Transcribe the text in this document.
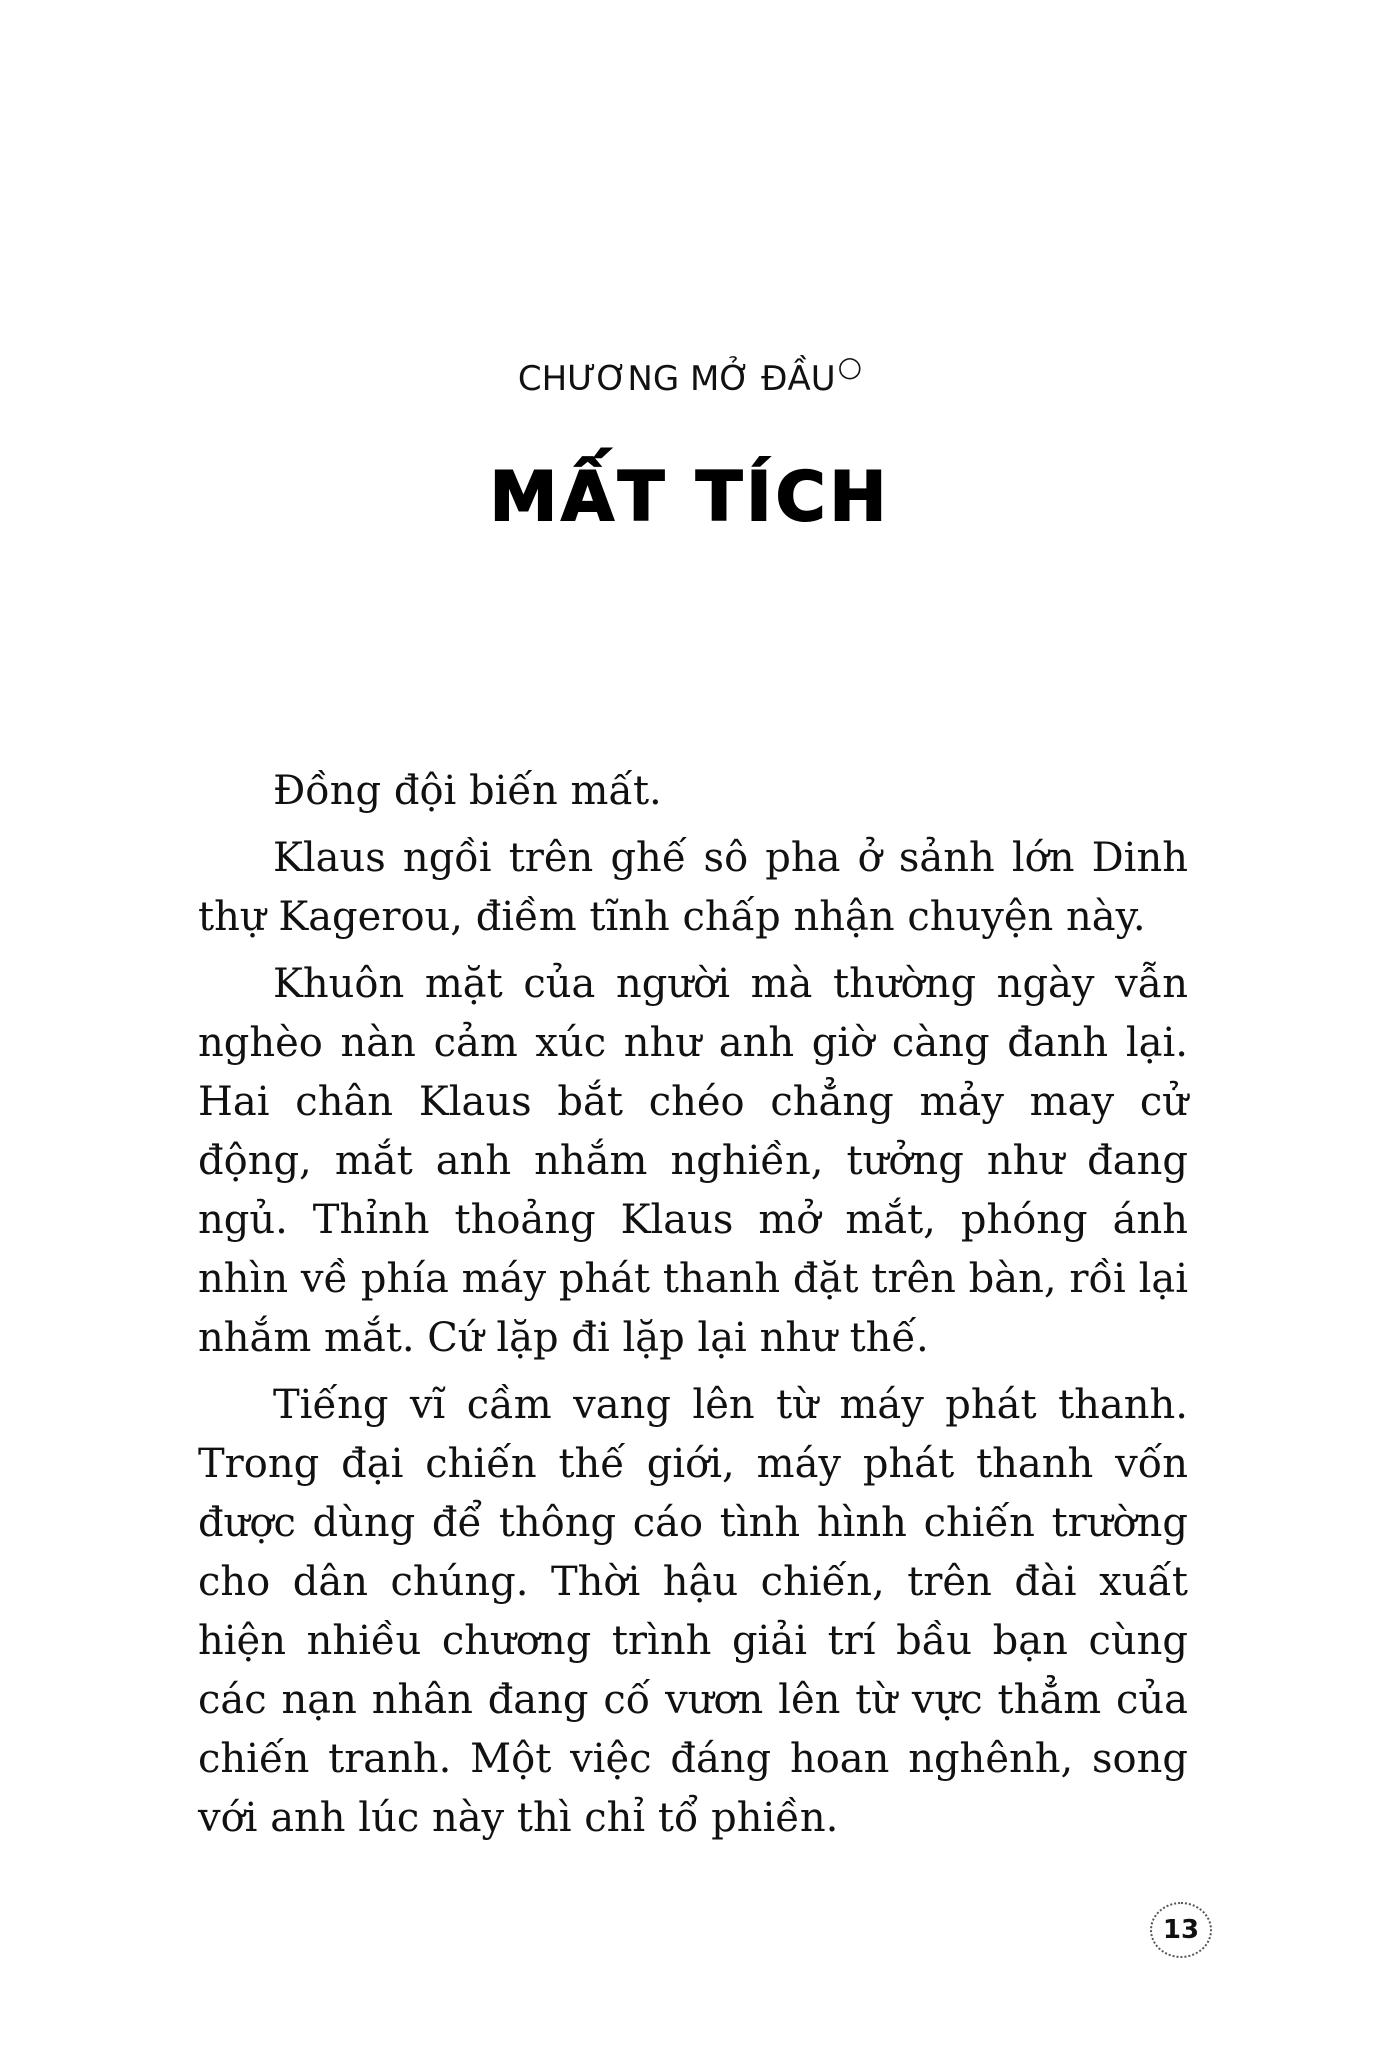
CHƯƠNG MỞ ĐẦU○
MẤT TÍCH

Đồng đội biến mất.

Klaus ngồi trên ghế sô pha ở sảnh lớn Dinh thự Kagerou, điềm tĩnh chấp nhận chuyện này.

Khuôn mặt của người mà thường ngày vẫn nghèo nàn cảm xúc như anh giờ càng đanh lại. Hai chân Klaus bắt chéo chẳng mảy may cử động, mắt anh nhắm nghiền, tưởng như đang ngủ. Thỉnh thoảng Klaus mở mắt, phóng ánh nhìn về phía máy phát thanh đặt trên bàn, rồi lại nhắm mắt. Cứ lặp đi lặp lại như thế.

Tiếng vĩ cầm vang lên từ máy phát thanh. Trong đại chiến thế giới, máy phát thanh vốn được dùng để thông cáo tình hình chiến trường cho dân chúng. Thời hậu chiến, trên đài xuất hiện nhiều chương trình giải trí bầu bạn cùng các nạn nhân đang cố vươn lên từ vực thẳm của chiến tranh. Một việc đáng hoan nghênh, song với anh lúc này thì chỉ tổ phiền.

13
